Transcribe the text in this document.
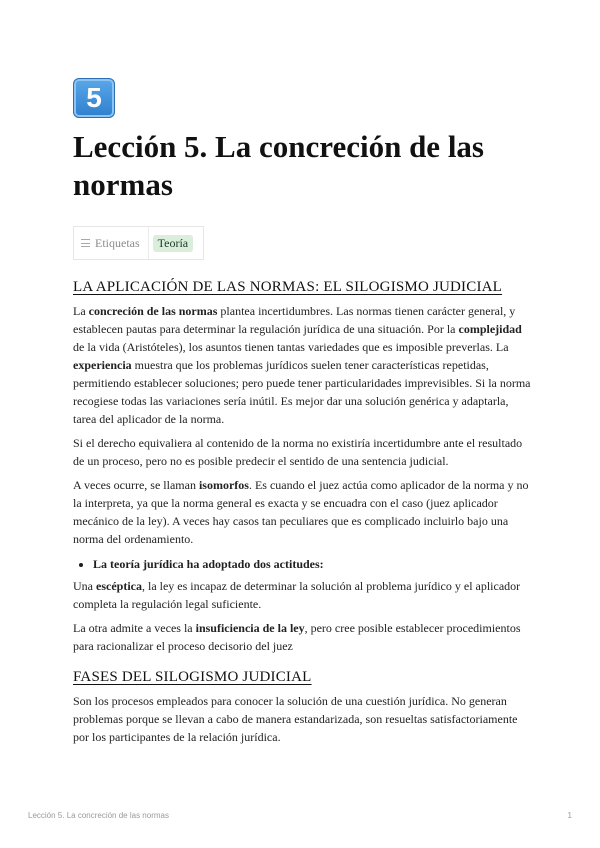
5
Lección 5. La concreción de las normas
Etiquetas	Teoría
LA APLICACIÓN DE LAS NORMAS: EL SILOGISMO JUDICIAL

La concreción de las normas plantea incertidumbres. Las normas tienen carácter general, y establecen pautas para determinar la regulación jurídica de una situación. Por la complejidad de la vida (Aristóteles), los asuntos tienen tantas variedades que es imposible preverlas. La experiencia muestra que los problemas jurídicos suelen tener características repetidas, permitiendo establecer soluciones; pero puede tener particularidades imprevisibles. Si la norma recogiese todas las variaciones sería inútil. Es mejor dar una solución genérica y adaptarla, tarea del aplicador de la norma.

Si el derecho equivaliera al contenido de la norma no existiría incertidumbre ante el resultado de un proceso, pero no es posible predecir el sentido de una sentencia judicial.

A veces ocurre, se llaman isomorfos. Es cuando el juez actúa como aplicador de la norma y no la interpreta, ya que la norma general es exacta y se encuadra con el caso (juez aplicador mecánico de la ley). A veces hay casos tan peculiares que es complicado incluirlo bajo una norma del ordenamiento.

• La teoría jurídica ha adoptado dos actitudes:

Una escéptica, la ley es incapaz de determinar la solución al problema jurídico y el aplicador completa la regulación legal suficiente.

La otra admite a veces la insuficiencia de la ley, pero cree posible establecer procedimientos para racionalizar el proceso decisorio del juez

FASES DEL SILOGISMO JUDICIAL

Son los procesos empleados para conocer la solución de una cuestión jurídica. No generan problemas porque se llevan a cabo de manera estandarizada, son resueltas satisfactoriamente por los participantes de la relación jurídica.

Lección 5. La concreción de las normas	1
